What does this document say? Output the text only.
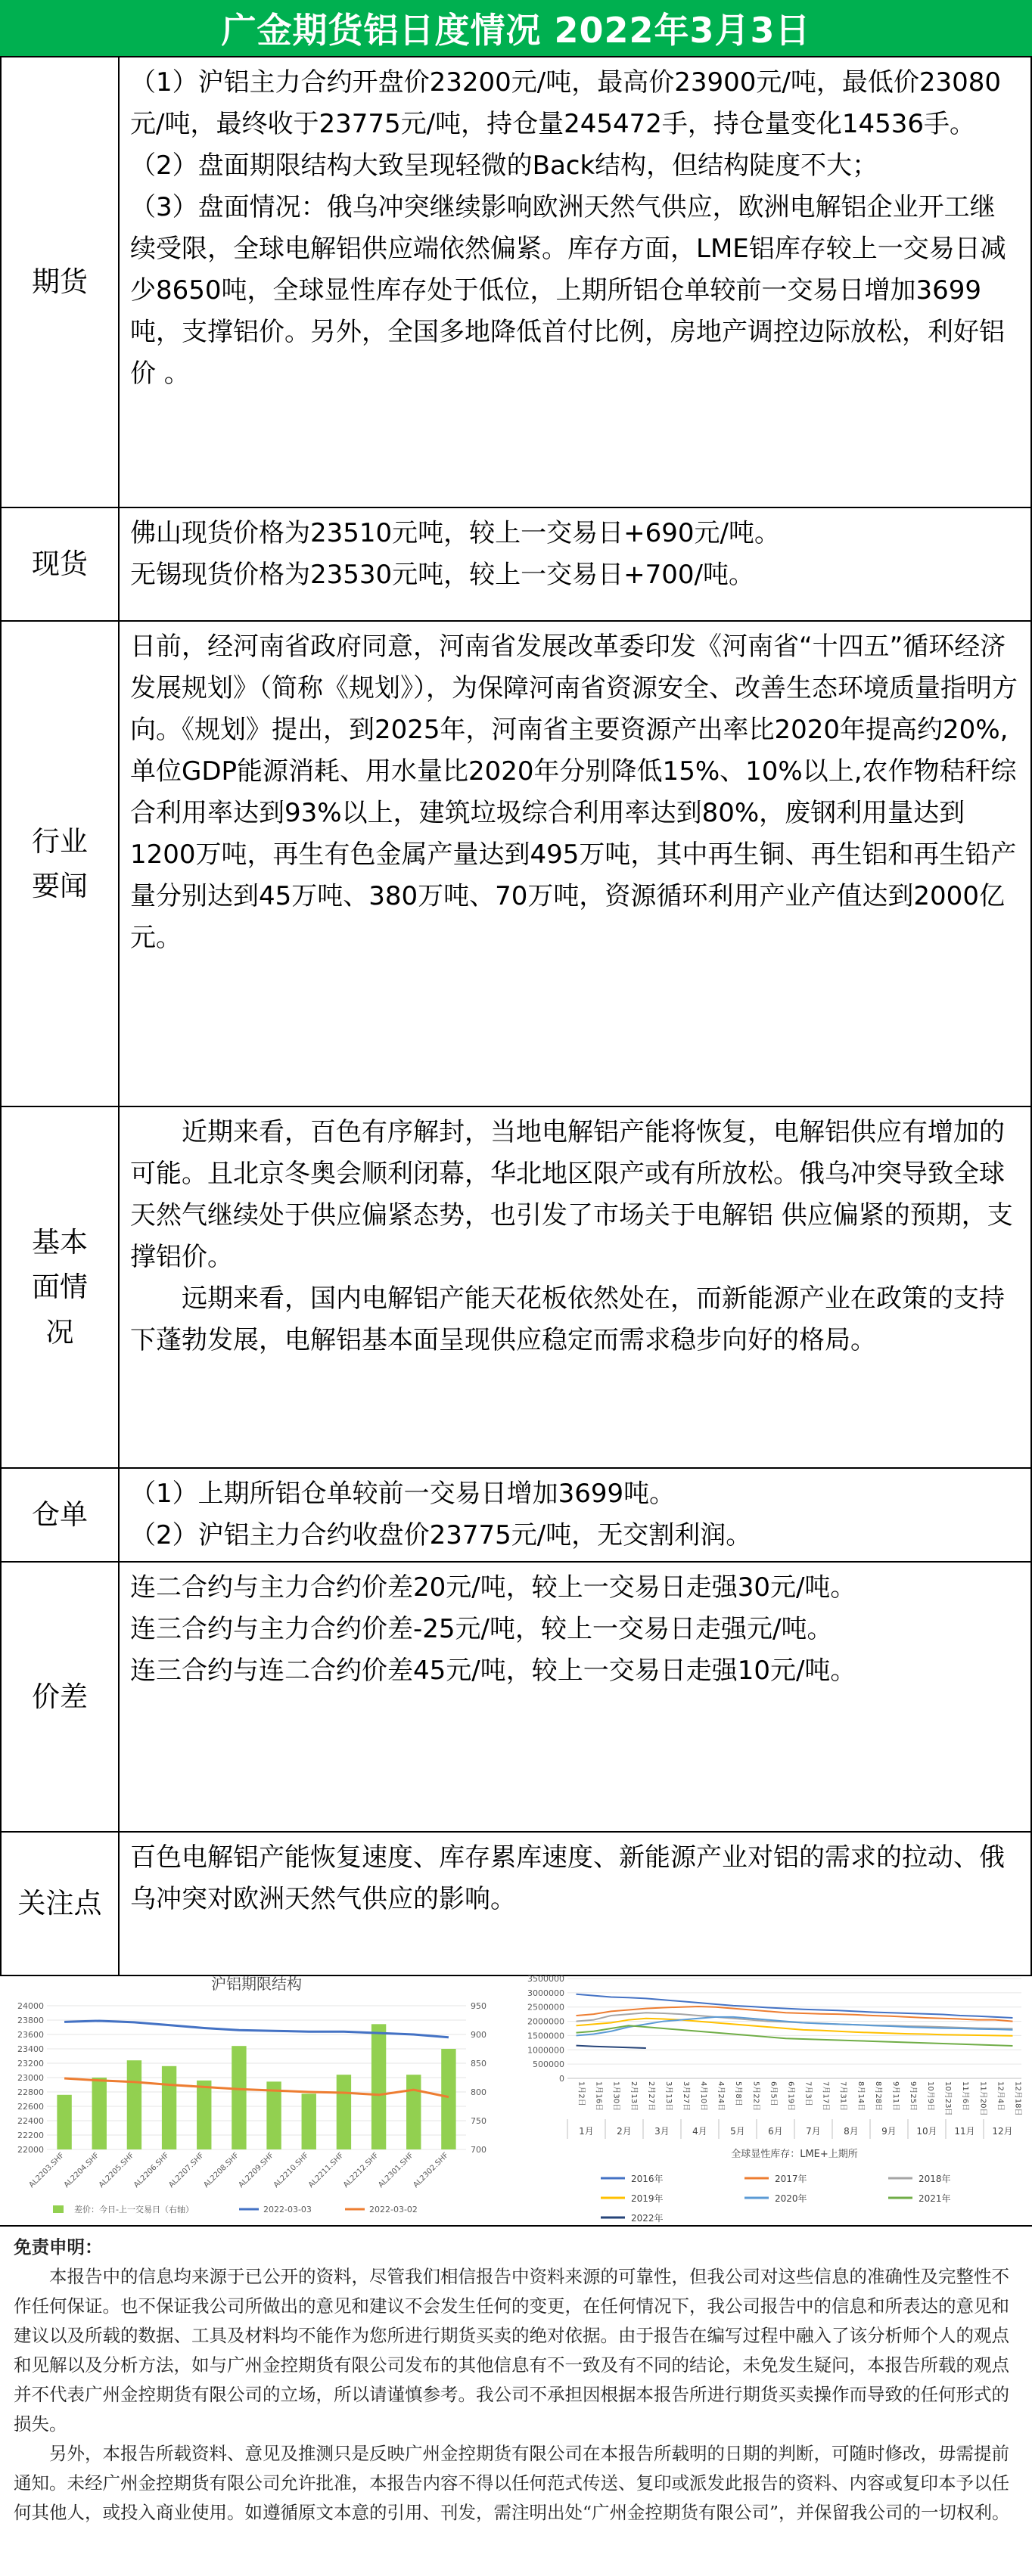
广金期货铝日度情况 2022年3月3日
期货	（1）沪铝主力合约开盘价23200元/吨，最高价23900元/吨，最低价23080元/吨，最终收于23775元/吨，持仓量245472手，持仓量变化14536手。

（2）盘面期限结构大致呈现轻微的Back结构，但结构陡度不大；

（3）盘面情况：俄乌冲突继续影响欧洲天然气供应，欧洲电解铝企业开工继续受限，全球电解铝供应端依然偏紧。库存方面，LME铝库存较上一交易日减少8650吨，全球显性库存处于低位，上期所铝仓单较前一交易日增加3699吨，支撑铝价。另外，全国多地降低首付比例，房地产调控边际放松，利好铝价 。

现货	佛山现货价格为23510元吨，较上一交易日+690元/吨。

无锡现货价格为23530元吨，较上一交易日+700/吨。

行业要闻	日前，经河南省政府同意，河南省发展改革委印发《河南省“十四五”循环经济发展规划》（简称《规划》），为保障河南省资源安全、改善生态环境质量指明方向。《规划》提出，到2025年，河南省主要资源产出率比2020年提高约20%,单位GDP能源消耗、用水量比2020年分别降低15%、10%以上,农作物秸秆综合利用率达到93%以上，建筑垃圾综合利用率达到80%，废钢利用量达到1200万吨，再生有色金属产量达到495万吨，其中再生铜、再生铝和再生铅产量分别达到45万吨、380万吨、70万吨，资源循环利用产业产值达到2000亿元。

基本面情况	近期来看，百色有序解封，当地电解铝产能将恢复，电解铝供应有增加的可能。且北京冬奥会顺利闭幕，华北地区限产或有所放松。俄乌冲突导致全球天然气继续处于供应偏紧态势，也引发了市场关于电解铝 供应偏紧的预期，支撑铝价。

远期来看，国内电解铝产能天花板依然处在，而新能源产业在政策的支持下蓬勃发展，电解铝基本面呈现供应稳定而需求稳步向好的格局。

仓单	（1）上期所铝仓单较前一交易日增加3699吨。

（2）沪铝主力合约收盘价23775元/吨，无交割利润。

价差	连二合约与主力合约价差20元/吨，较上一交易日走强30元/吨。

连三合约与主力合约价差-25元/吨，较上一交易日走强元/吨。

连三合约与连二合约价差45元/吨，较上一交易日走强10元/吨。

关注点	百色电解铝产能恢复速度、库存累库速度、新能源产业对铝的需求的拉动、俄乌冲突对欧洲天然气供应的影响。

沪铝期限结构
22000
22200
22400
22600
22800
23000
23200
23400
23600
23800
24000
700
750
800
850
900
950
AL2203.SHF
AL2204.SHF
AL2205.SHF
AL2206.SHF
AL2207.SHF
AL2208.SHF
AL2209.SHF
AL2210.SHF
AL2211.SHF
AL2212.SHF
AL2301.SHF
AL2302.SHF
差价：今日-上一交易日（右轴）	2022-03-03	2022-03-02
0
500000
1000000
1500000
2000000
2500000
3000000
3500000
1月2日 1月16日 1月30日 2月13日 2月27日 3月13日 3月27日 4月10日 4月24日 5月8日 5月22日 6月5日 6月19日 7月3日 7月17日 7月31日 8月14日 8月28日 9月11日 9月25日 10月9日 10月23日 11月6日 11月20日 12月4日 12月18日
1月	2月	3月	4月	5月	6月	7月	8月	9月 10月 11月 12月
全球显性库存：LME+上期所
2016年	2017年	2018年
2019年	2020年	2021年
2022年

免责申明：

本报告中的信息均来源于已公开的资料，尽管我们相信报告中资料来源的可靠性，但我公司对这些信息的准确性及完整性不作任何保证。也不保证我公司所做出的意见和建议不会发生任何的变更，在任何情况下，我公司报告中的信息和所表达的意见和建议以及所载的数据、工具及材料均不能作为您所进行期货买卖的绝对依据。由于报告在编写过程中融入了该分析师个人的观点和见解以及分析方法，如与广州金控期货有限公司发布的其他信息有不一致及有不同的结论，未免发生疑问，本报告所载的观点并不代表广州金控期货有限公司的立场，所以请谨慎参考。我公司不承担因根据本报告所进行期货买卖操作而导致的任何形式的损失。

另外，本报告所载资料、意见及推测只是反映广州金控期货有限公司在本报告所载明的日期的判断，可随时修改，毋需提前通知。未经广州金控期货有限公司允许批准，本报告内容不得以任何范式传送、复印或派发此报告的资料、内容或复印本予以任何其他人，或投入商业使用。如遵循原文本意的引用、刊发，需注明出处“广州金控期货有限公司”，并保留我公司的一切权利。
